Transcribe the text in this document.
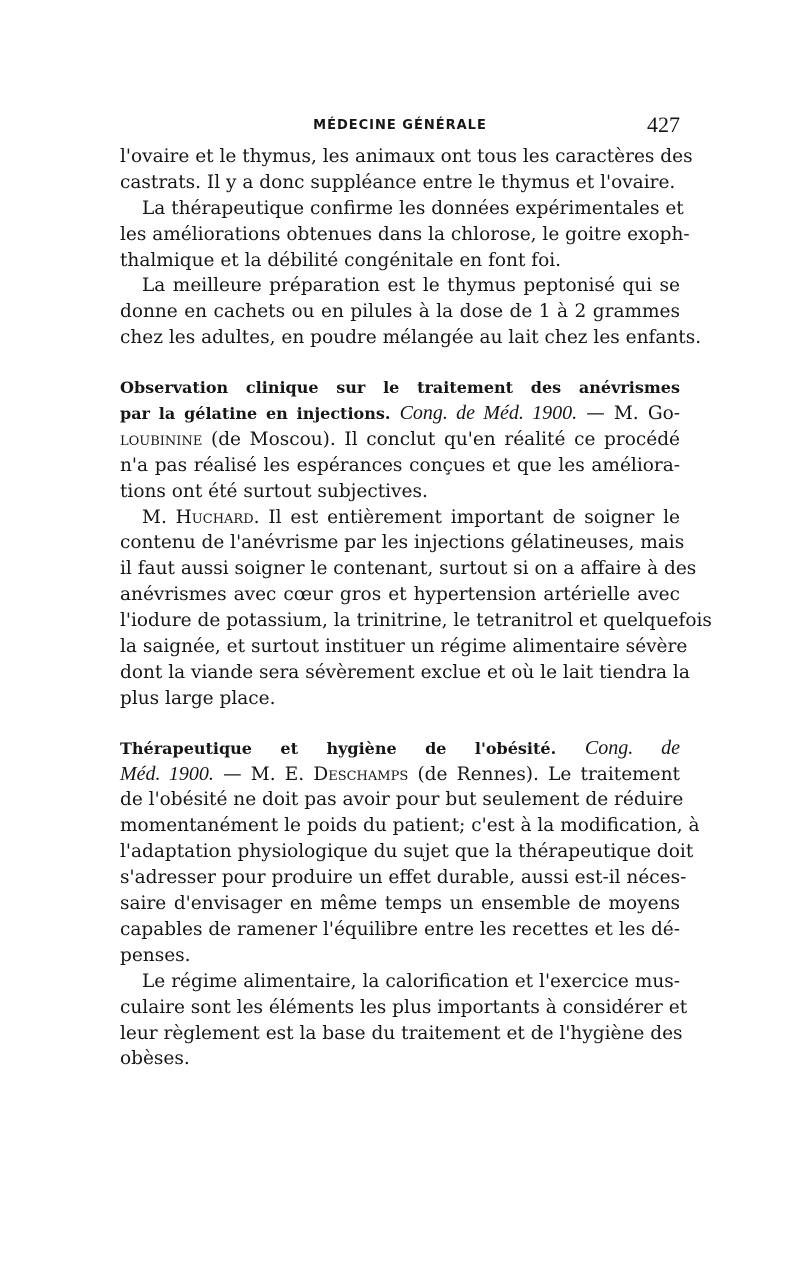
MÉDECINE GÉNÉRALE	427
l'ovaire et le thymus, les animaux ont tous les caractères des
castrats. Il y a donc suppléance entre le thymus et l'ovaire.
La thérapeutique confirme les données expérimentales et
les améliorations obtenues dans la chlorose, le goitre exoph-
thalmique et la débilité congénitale en font foi.
La meilleure préparation est le thymus peptonisé qui se
donne en cachets ou en pilules à la dose de 1 à 2 grammes
chez les adultes, en poudre mélangée au lait chez les enfants.
Observation clinique sur le traitement des anévrismes
par la gélatine en injections. Cong. de Méd. 1900. — M. Go-
loubinine (de Moscou). Il conclut qu'en réalité ce procédé
n'a pas réalisé les espérances conçues et que les améliora-
tions ont été surtout subjectives.
M. Huchard. Il est entièrement important de soigner le
contenu de l'anévrisme par les injections gélatineuses, mais
il faut aussi soigner le contenant, surtout si on a affaire à des
anévrismes avec cœur gros et hypertension artérielle avec
l'iodure de potassium, la trinitrine, le tetranitrol et quelquefois
la saignée, et surtout instituer un régime alimentaire sévère
dont la viande sera sévèrement exclue et où le lait tiendra la
plus large place.
Thérapeutique et hygiène de l'obésité. Cong. de
Méd. 1900. — M. E. Deschamps (de Rennes). Le traitement
de l'obésité ne doit pas avoir pour but seulement de réduire
momentanément le poids du patient; c'est à la modification, à
l'adaptation physiologique du sujet que la thérapeutique doit
s'adresser pour produire un effet durable, aussi est-il néces-
saire d'envisager en même temps un ensemble de moyens
capables de ramener l'équilibre entre les recettes et les dé-
penses.
Le régime alimentaire, la calorification et l'exercice mus-
culaire sont les éléments les plus importants à considérer et
leur règlement est la base du traitement et de l'hygiène des
obèses.
